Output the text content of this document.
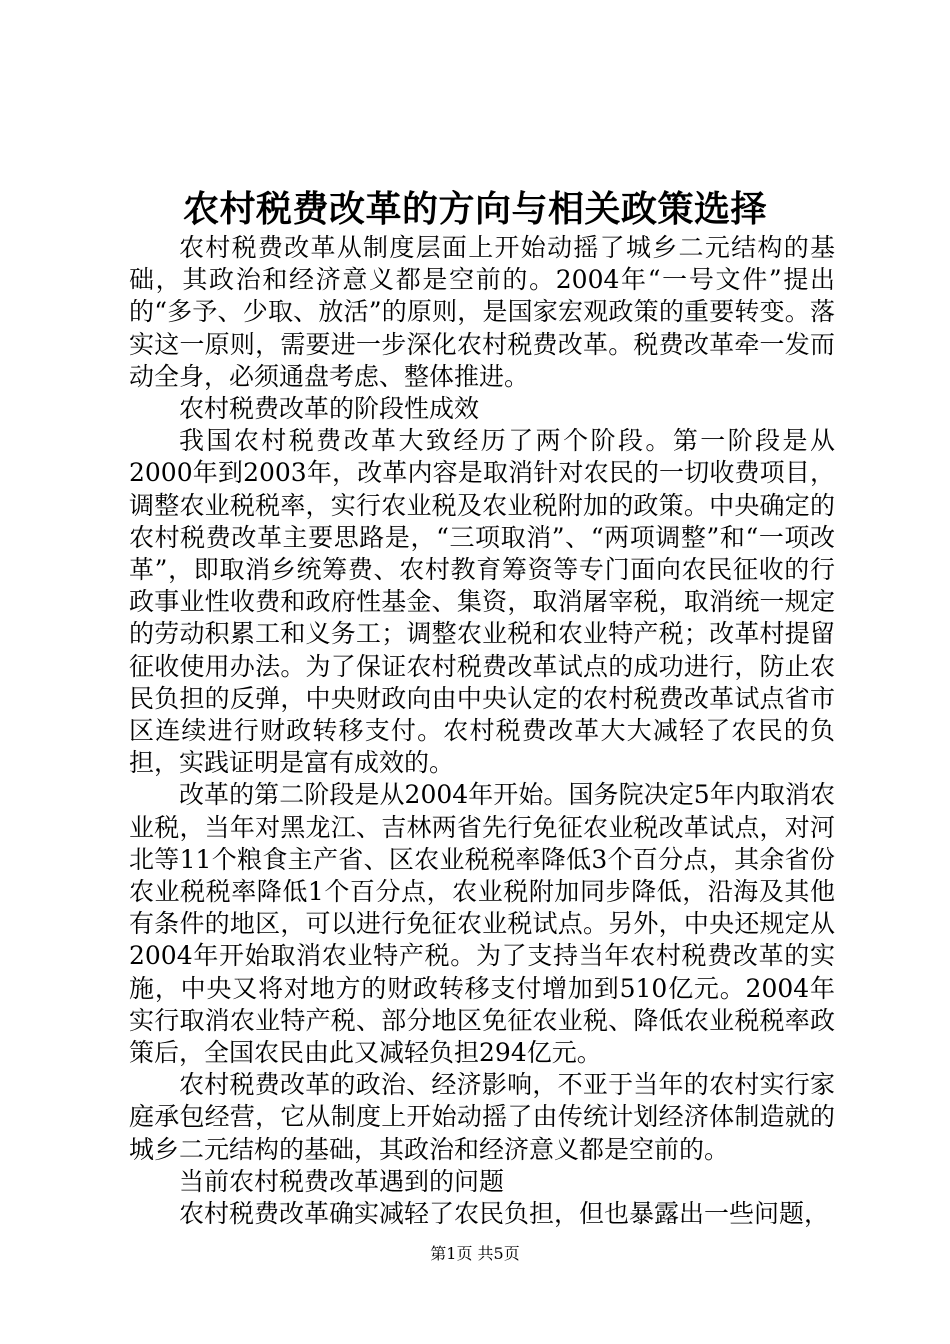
农村税费改革的方向与相关政策选择

农村税费改革从制度层面上开始动摇了城乡二元结构的基础，其政治和经济意义都是空前的。2004年“一号文件”提出的“多予、少取、放活”的原则，是国家宏观政策的重要转变。落实这一原则，需要进一步深化农村税费改革。税费改革牵一发而动全身，必须通盘考虑、整体推进。

农村税费改革的阶段性成效

我国农村税费改革大致经历了两个阶段。第一阶段是从2000年到2003年，改革内容是取消针对农民的一切收费项目，调整农业税税率，实行农业税及农业税附加的政策。中央确定的农村税费改革主要思路是，“三项取消”、“两项调整”和“一项改革”，即取消乡统筹费、农村教育筹资等专门面向农民征收的行政事业性收费和政府性基金、集资，取消屠宰税，取消统一规定的劳动积累工和义务工；调整农业税和农业特产税；改革村提留征收使用办法。为了保证农村税费改革试点的成功进行，防止农民负担的反弹，中央财政向由中央认定的农村税费改革试点省市区连续进行财政转移支付。农村税费改革大大减轻了农民的负担，实践证明是富有成效的。

改革的第二阶段是从2004年开始。国务院决定5年内取消农业税，当年对黑龙江、吉林两省先行免征农业税改革试点，对河北等11个粮食主产省、区农业税税率降低3个百分点，其余省份农业税税率降低1个百分点，农业税附加同步降低，沿海及其他有条件的地区，可以进行免征农业税试点。另外，中央还规定从2004年开始取消农业特产税。为了支持当年农村税费改革的实施，中央又将对地方的财政转移支付增加到510亿元。2004年实行取消农业特产税、部分地区免征农业税、降低农业税税率政策后，全国农民由此又减轻负担294亿元。

农村税费改革的政治、经济影响，不亚于当年的农村实行家庭承包经营，它从制度上开始动摇了由传统计划经济体制造就的城乡二元结构的基础，其政治和经济意义都是空前的。

当前农村税费改革遇到的问题

农村税费改革确实减轻了农民负担，但也暴露出一些问题，

第1页 共5页
